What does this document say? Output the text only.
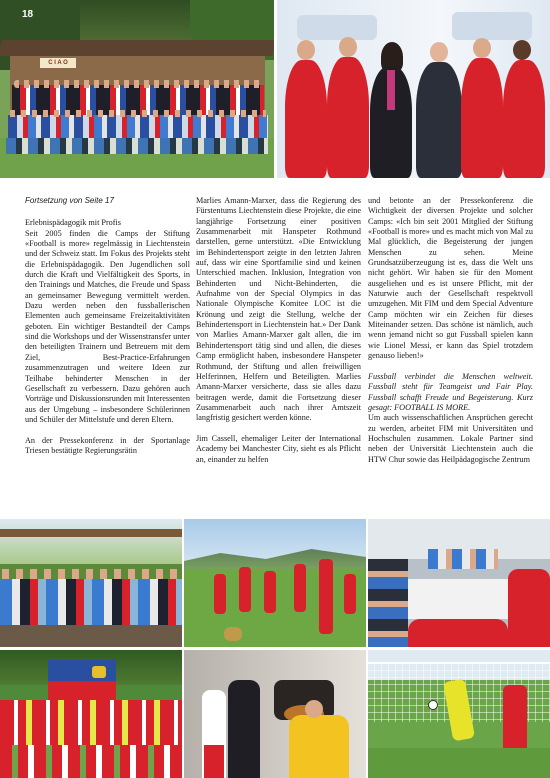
C I A O
18

Fortsetzung von Seite 17

Erlebnispädagogik mit Profis
Seit 2005 finden die Camps der Stiftung «Football is more» regelmässig in Liechtenstein und der Schweiz statt. Im Fokus des Projekts steht die Erlebnispädagogik. Den Jugendlichen soll durch die Kraft und Vielfältigkeit des Sports, in den Trainings und Matches, die Freude und Spass an gemeinsamer Bewegung vermittelt werden. Dazu werden neben den fussballerischen Elementen auch gemeinsame Freizeitaktivitäten geboten. Ein wichtiger Bestandteil der Camps sind die Workshops und der Wissenstransfer unter den beteiligten Trainern und Betreuern mit dem Ziel, Best-Practice-Erfahrungen zusammenzutragen und weitere Ideen zur Teilhabe behinderter Menschen in der Gesellschaft zu verbessern. Dazu gehören auch Vorträge und Diskussionsrunden mit Interessenten aus der Umgebung – insbesondere Schülerinnen und Schüler der Mittelstufe und deren Eltern.

An der Pressekonferenz in der Sportanlage Triesen bestätigte Regierungsrätin

Marlies Amann-Marxer, dass die Regierung des Fürstentums Liechtenstein diese Projekte, die eine langjährige Fortsetzung einer positiven Zusammenarbeit mit Hanspeter Rothmund darstellen, gerne unterstützt. «Die Entwicklung im Behindertensport zeigte in den letzten Jahren auf, dass wir eine Sportfamilie sind und keinen Unterschied machen. Inklusion, Integration von Behinderten und Nicht-Behinderten, die Aufnahme von der Special Olympics in das Nationale Olympische Komitee LOC ist die Krönung und zeigt die Stellung, welche der Behindertensport in Liechtenstein hat.» Der Dank von Marlies Amann-Marxer galt allen, die im Behindertensport tätig sind und allen, die dieses Camp ermöglicht haben, insbesondere Hanspeter Rothmund, der Stiftung und allen freiwilligen Helferinnen, Helfern und Beteiligten. Marlies Amann-Marxer versicherte, dass sie alles dazu beitragen werde, damit die Fortsetzung dieser Zusammenarbeit auch nach ihrer Amtszeit langfristig gesichert werden könne.

Jim Cassell, ehemaliger Leiter der International Academy bei Manchester City, sieht es als Pflicht an, einander zu helfen

und betonte an der Pressekonferenz die Wichtigkeit der diversen Projekte und solcher Camps: «Ich bin seit 2001 Mitglied der Stiftung «Football is more» und es macht mich von Mal zu Mal glücklich, die Begeisterung der jungen Menschen zu sehen. Meine Grundsatzüberzeugung ist es, dass die Welt uns nicht gehört. Wir haben sie für den Moment ausgeliehen und es ist unsere Pflicht, mit der Naturwie auch der Gesellschaft respektvoll umzugehen. Mit FIM und dem Special Adventure Camp möchten wir ein Zeichen für dieses Miteinander setzen. Das schöne ist nämlich, auch wenn jemand nicht so gut Fussball spielen kann wie Lionel Messi, er kann das Spiel trotzdem genauso lieben!»

Fussball verbindet die Menschen weltweit. Fussball steht für Teamgeist und Fair Play. Fussball schafft Freude und Begeisterung. Kurz gesagt: FOOTBALL IS MORE.

Um auch wissenschaftlichen Ansprüchen gerecht zu werden, arbeitet FIM mit Universitäten und Hochschulen zusammen. Lokale Partner sind neben der Universität Liechtenstein auch die HTW Chur sowie das Heilpädagogische Zentrum
